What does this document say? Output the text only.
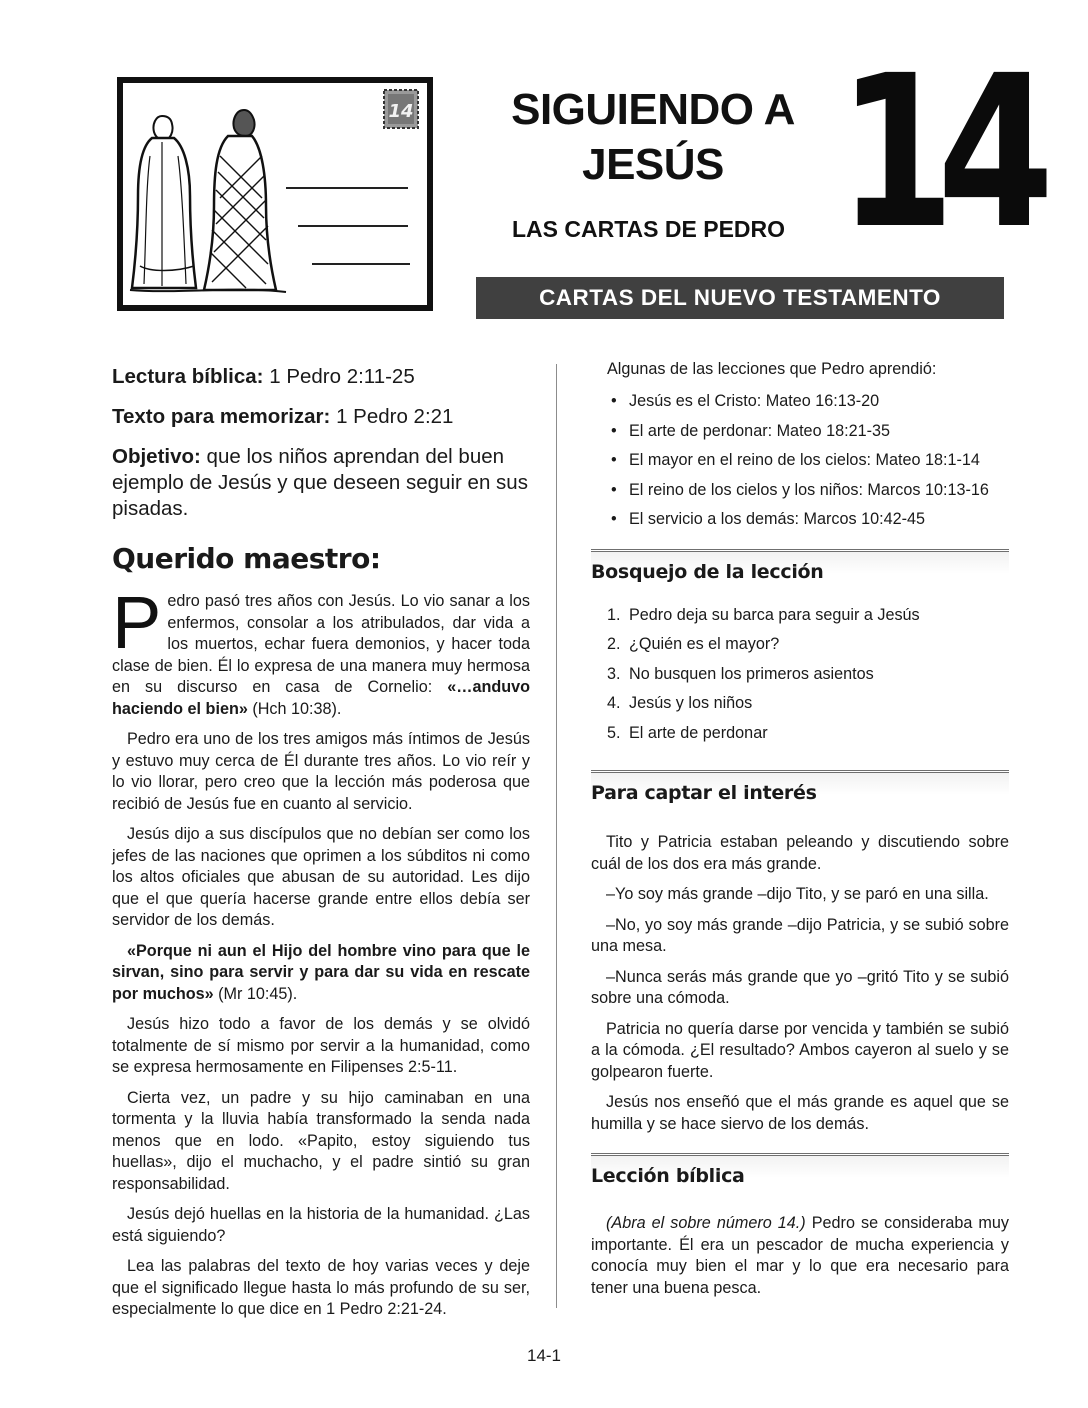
14	SIGUIENDO A
JESÚS 14
LAS CARTAS DE PEDRO
CARTAS DEL NUEVO TESTAMENTO

Lectura bíblica: 1 Pedro 2:11-25

Texto para memorizar: 1 Pedro 2:21

Objetivo: que los niños aprendan del buen ejemplo de Jesús y que deseen seguir en sus pisadas.

Querido maestro:

Pedro pasó tres años con Jesús. Lo vio sanar a los enfermos, consolar a los atribulados, dar vida a los muertos, echar fuera demonios, y hacer toda clase de bien. Él lo expresa de una manera muy hermosa en su discurso en casa de Cornelio: «…anduvo haciendo el bien» (Hch 10:38).

Pedro era uno de los tres amigos más íntimos de Jesús y estuvo muy cerca de Él durante tres años. Lo vio reír y lo vio llorar, pero creo que la lección más poderosa que recibió de Jesús fue en cuanto al servicio.

Jesús dijo a sus discípulos que no debían ser como los jefes de las naciones que oprimen a los súbditos ni como los altos oficiales que abusan de su autoridad. Les dijo que el que quería hacerse grande entre ellos debía ser servidor de los demás.

«Porque ni aun el Hijo del hombre vino para que le sirvan, sino para servir y para dar su vida en rescate por muchos» (Mr 10:45).

Jesús hizo todo a favor de los demás y se olvidó totalmente de sí mismo por servir a la humanidad, como se expresa hermosamente en Filipenses 2:5-11.

Cierta vez, un padre y su hijo caminaban en una tormenta y la lluvia había transformado la senda nada menos que en lodo. «Papito, estoy siguiendo tus huellas», dijo el muchacho, y el padre sintió su gran responsabilidad.

Jesús dejó huellas en la historia de la humanidad. ¿Las está siguiendo?

Lea las palabras del texto de hoy varias veces y deje que el significado llegue hasta lo más profundo de su ser, especialmente lo que dice en 1 Pedro 2:21-24.

Algunas de las lecciones que Pedro aprendió:

• Jesús es el Cristo: Mateo 16:13-20
• El arte de perdonar: Mateo 18:21-35
• El mayor en el reino de los cielos: Mateo 18:1-14
• El reino de los cielos y los niños: Marcos 10:13-16
• El servicio a los demás: Marcos 10:42-45
Bosquejo de la lección
1. Pedro deja su barca para seguir a Jesús
2. ¿Quién es el mayor?
3. No busquen los primeros asientos
4. Jesús y los niños
5. El arte de perdonar
Para captar el interés

Tito y Patricia estaban peleando y discutiendo sobre cuál de los dos era más grande.

–Yo soy más grande –dijo Tito, y se paró en una silla.

–No, yo soy más grande –dijo Patricia, y se subió sobre una mesa.

–Nunca serás más grande que yo –gritó Tito y se subió sobre una cómoda.

Patricia no quería darse por vencida y también se subió a la cómoda. ¿El resultado? Ambos cayeron al suelo y se golpearon fuerte.

Jesús nos enseñó que el más grande es aquel que se humilla y se hace siervo de los demás.

Lección bíblica

(Abra el sobre número 14.) Pedro se consideraba muy importante. Él era un pescador de mucha experiencia y conocía muy bien el mar y lo que era necesario para tener una buena pesca.

14-1
